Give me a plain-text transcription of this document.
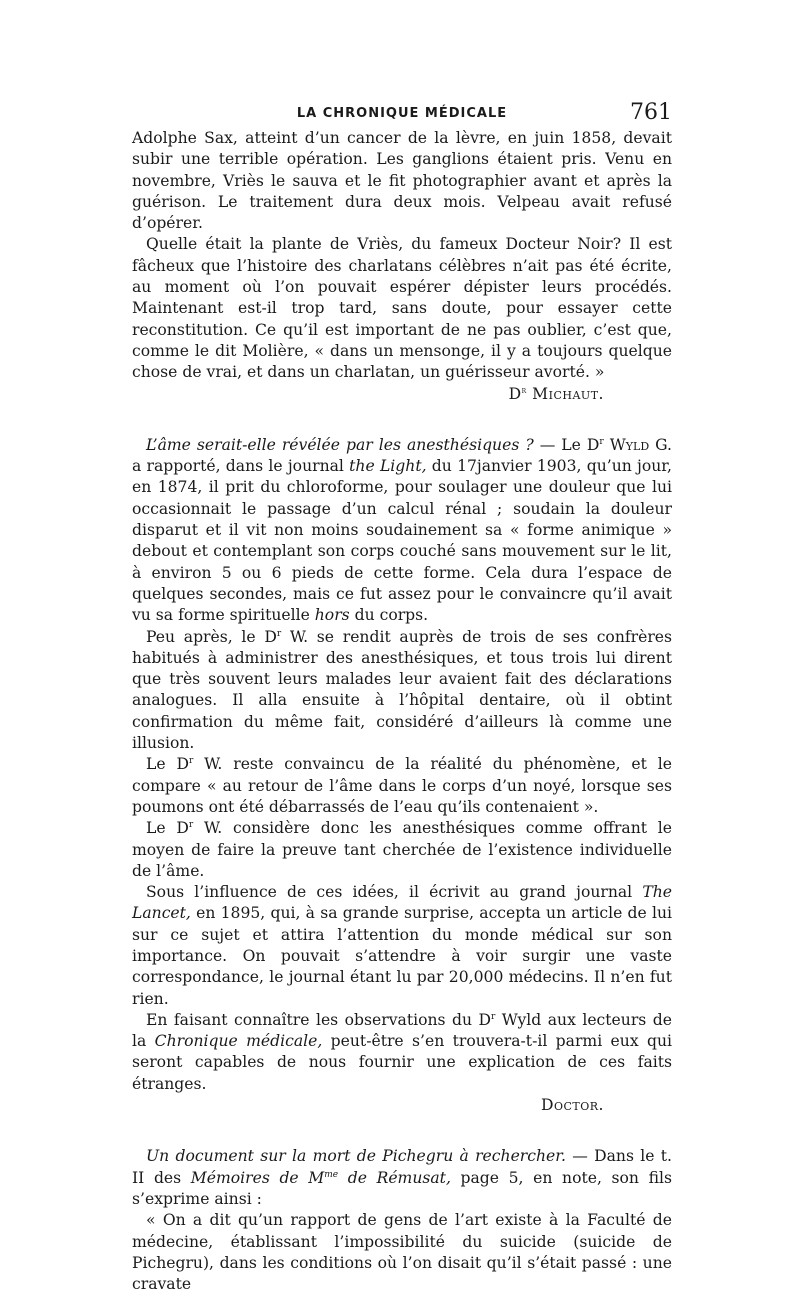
LA CHRONIQUE MÉDICALE	761

Adolphe Sax, atteint d’un cancer de la lèvre, en juin 1858, devait subir une terrible opération. Les ganglions étaient pris. Venu en novembre, Vriès le sauva et le fit photographier avant et après la guérison. Le traitement dura deux mois. Velpeau avait refusé d’opérer.

Quelle était la plante de Vriès, du fameux Docteur Noir? Il est fâcheux que l’histoire des charlatans célèbres n’ait pas été écrite, au moment où l’on pouvait espérer dépister leurs procédés. Maintenant est-il trop tard, sans doute, pour essayer cette reconstitution. Ce qu’il est important de ne pas oublier, c’est que, comme le dit Molière, « dans un mensonge, il y a toujours quelque chose de vrai, et dans un charlatan, un guérisseur avorté. »

$D^r$ Michaut.

L’âme serait-elle révélée par les anesthésiques ? — Le $D^r$ Wyld G. a rapporté, dans le journal the Light, du 17janvier 1903, qu’un jour, en 1874, il prit du chloroforme, pour soulager une douleur que lui occasionnait le passage d’un calcul rénal ; soudain la douleur disparut et il vit non moins soudainement sa « forme animique » debout et contemplant son corps couché sans mouvement sur le lit, à environ 5 ou 6 pieds de cette forme. Cela dura l’espace de quelques secondes, mais ce fut assez pour le convaincre qu’il avait vu sa forme spirituelle hors du corps.

Peu après, le $D^r$ W. se rendit auprès de trois de ses confrères habitués à administrer des anesthésiques, et tous trois lui dirent que très souvent leurs malades leur avaient fait des déclarations analogues. Il alla ensuite à l’hôpital dentaire, où il obtint confirmation du même fait, considéré d’ailleurs là comme une illusion.

Le $D^r$ W. reste convaincu de la réalité du phénomène, et le compare « au retour de l’âme dans le corps d’un noyé, lorsque ses poumons ont été débarrassés de l’eau qu’ils contenaient ».

Le $D^r$ W. considère donc les anesthésiques comme offrant le moyen de faire la preuve tant cherchée de l’existence individuelle de l’âme.

Sous l’influence de ces idées, il écrivit au grand journal The Lancet, en 1895, qui, à sa grande surprise, accepta un article de lui sur ce sujet et attira l’attention du monde médical sur son importance. On pouvait s’attendre à voir surgir une vaste correspondance, le journal étant lu par 20,000 médecins. Il n’en fut rien.

En faisant connaître les observations du $D^r$ Wyld aux lecteurs de la Chronique médicale, peut-être s’en trouvera-t-il parmi eux qui seront capables de nous fournir une explication de ces faits étranges.

Doctor.

Un document sur la mort de Pichegru à rechercher. — Dans le t. II des Mémoires de $M^{me}$ de Rémusat, page 5, en note, son fils s’exprime ainsi :

« On a dit qu’un rapport de gens de l’art existe à la Faculté de médecine, établissant l’impossibilité du suicide (suicide de Pichegru), dans les conditions où l’on disait qu’il s’était passé : une cravate
